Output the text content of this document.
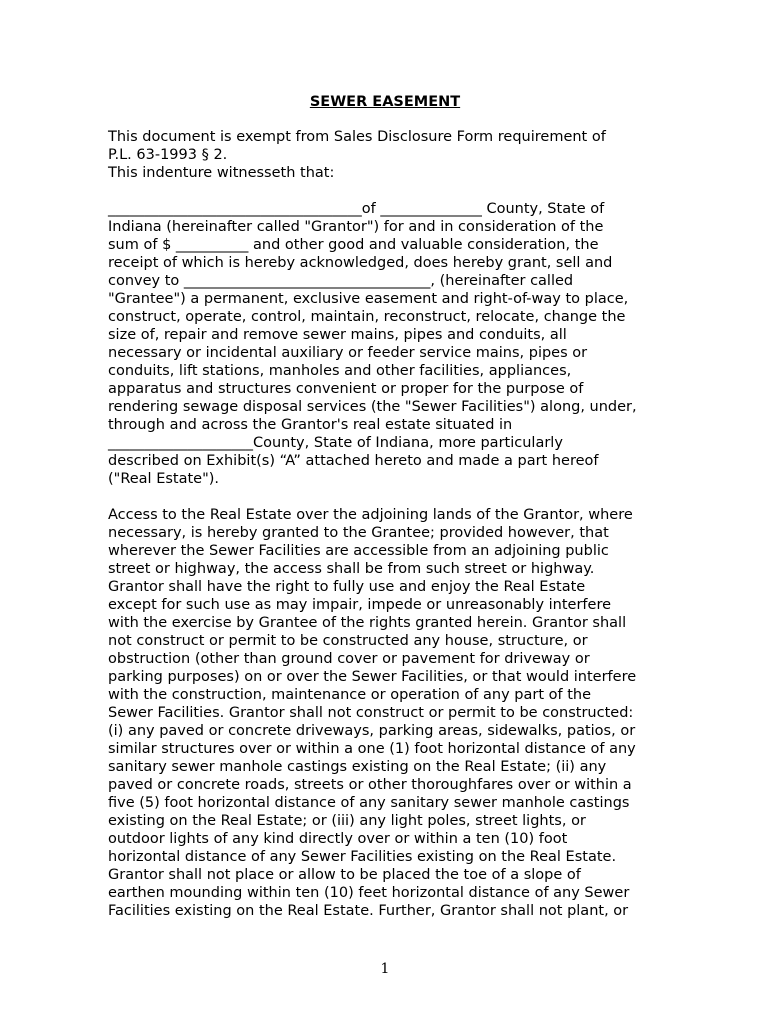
SEWER EASEMENT
This document is exempt from Sales Disclosure Form requirement of
P.L. 63-1993 § 2.
This indenture witnesseth that:
___________________________________of ______________ County, State of
Indiana (hereinafter called "Grantor") for and in consideration of the
sum of $ __________ and other good and valuable consideration, the
receipt of which is hereby acknowledged, does hereby grant, sell and
convey to __________________________________, (hereinafter called
"Grantee") a permanent, exclusive easement and right-of-way to place,
construct, operate, control, maintain, reconstruct, relocate, change the
size of, repair and remove sewer mains, pipes and conduits, all
necessary or incidental auxiliary or feeder service mains, pipes or
conduits, lift stations, manholes and other facilities, appliances,
apparatus and structures convenient or proper for the purpose of
rendering sewage disposal services (the "Sewer Facilities") along, under,
through and across the Grantor's real estate situated in
____________________County, State of Indiana, more particularly
described on Exhibit(s) “A” attached hereto and made a part hereof
("Real Estate").
Access to the Real Estate over the adjoining lands of the Grantor, where
necessary, is hereby granted to the Grantee; provided however, that
wherever the Sewer Facilities are accessible from an adjoining public
street or highway, the access shall be from such street or highway.
Grantor shall have the right to fully use and enjoy the Real Estate
except for such use as may impair, impede or unreasonably interfere
with the exercise by Grantee of the rights granted herein. Grantor shall
not construct or permit to be constructed any house, structure, or
obstruction (other than ground cover or pavement for driveway or
parking purposes) on or over the Sewer Facilities, or that would interfere
with the construction, maintenance or operation of any part of the
Sewer Facilities. Grantor shall not construct or permit to be constructed:
(i) any paved or concrete driveways, parking areas, sidewalks, patios, or
similar structures over or within a one (1) foot horizontal distance of any
sanitary sewer manhole castings existing on the Real Estate; (ii) any
paved or concrete roads, streets or other thoroughfares over or within a
five (5) foot horizontal distance of any sanitary sewer manhole castings
existing on the Real Estate; or (iii) any light poles, street lights, or
outdoor lights of any kind directly over or within a ten (10) foot
horizontal distance of any Sewer Facilities existing on the Real Estate.
Grantor shall not place or allow to be placed the toe of a slope of
earthen mounding within ten (10) feet horizontal distance of any Sewer
Facilities existing on the Real Estate. Further, Grantor shall not plant, or
1
